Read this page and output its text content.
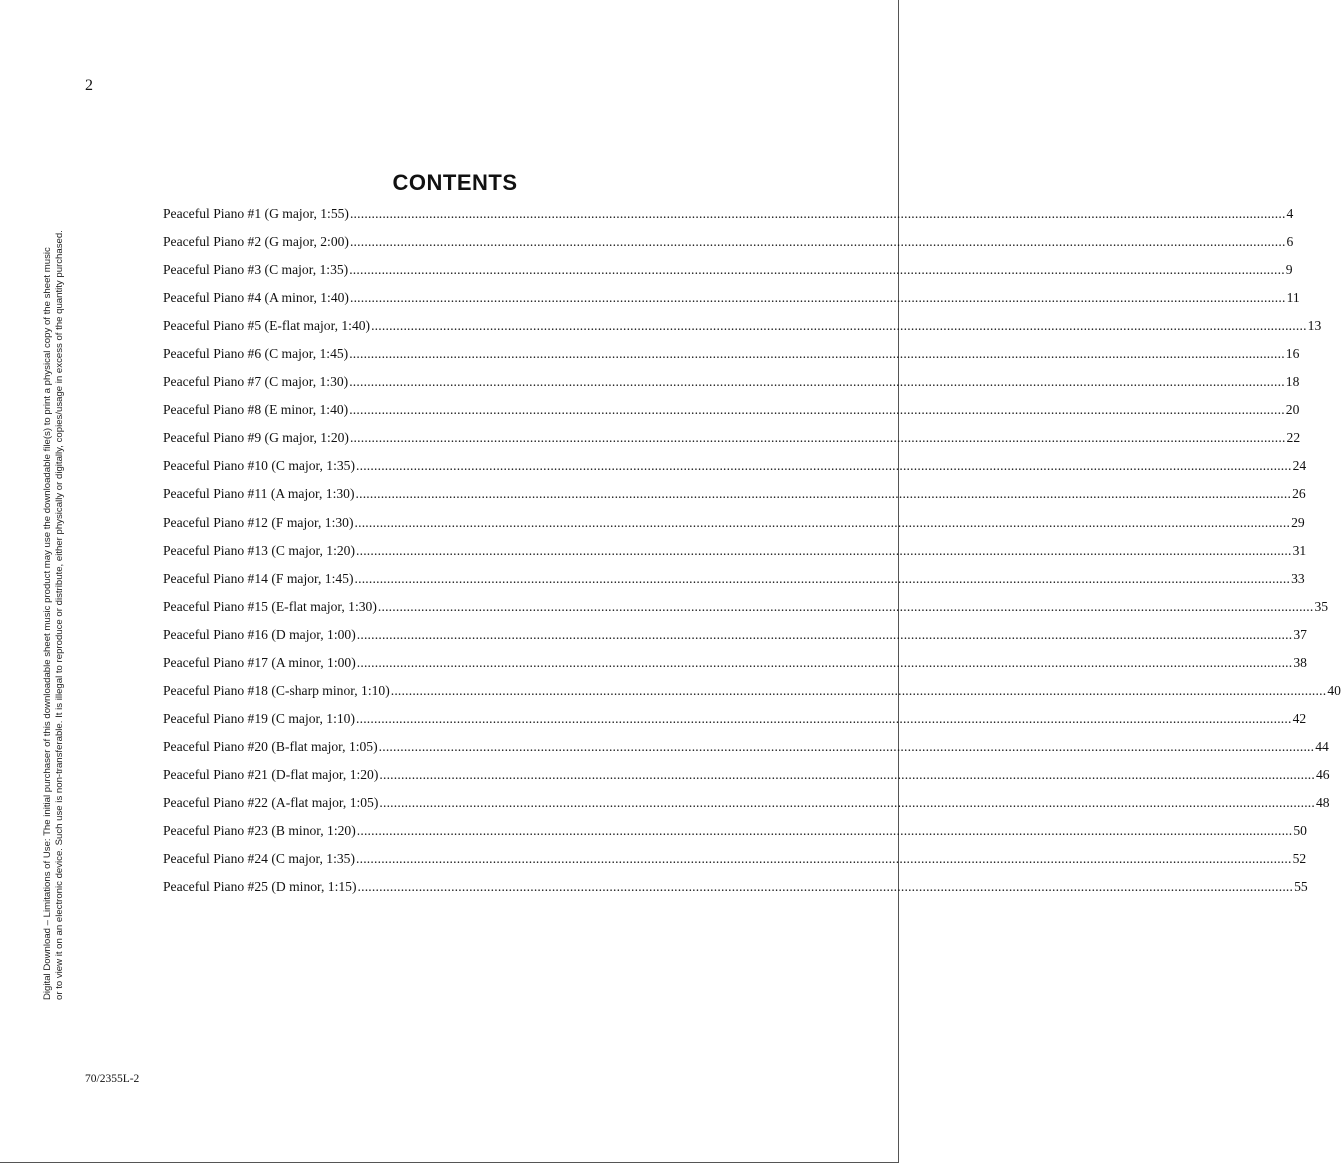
2
Digital Download – Limitations of Use: The initial purchaser of this downloadable sheet music product may use the downloadable file(s) to print a physical copy of the sheet music or to view it on an electronic device. Such use is non-transferable. It is illegal to reproduce or distribute, either physically or digitally, copies/usage in excess of the quantity purchased.
CONTENTS
Peaceful Piano #1 (G major, 1:55) .................................................................................................................................................................................................................................................................... 4
Peaceful Piano #2 (G major, 2:00) .................................................................................................................................................................................................................................................................... 6
Peaceful Piano #3 (C major, 1:35) .................................................................................................................................................................................................................................................................... 9
Peaceful Piano #4 (A minor, 1:40) .................................................................................................................................................................................................................................................................... 11
Peaceful Piano #5 (E-flat major, 1:40) .................................................................................................................................................................................................................................................................... 13
Peaceful Piano #6 (C major, 1:45) .................................................................................................................................................................................................................................................................... 16
Peaceful Piano #7 (C major, 1:30) .................................................................................................................................................................................................................................................................... 18
Peaceful Piano #8 (E minor, 1:40) .................................................................................................................................................................................................................................................................... 20
Peaceful Piano #9 (G major, 1:20) .................................................................................................................................................................................................................................................................... 22
Peaceful Piano #10 (C major, 1:35) .................................................................................................................................................................................................................................................................... 24
Peaceful Piano #11 (A major, 1:30) .................................................................................................................................................................................................................................................................... 26
Peaceful Piano #12 (F major, 1:30) .................................................................................................................................................................................................................................................................... 29
Peaceful Piano #13 (C major, 1:20) .................................................................................................................................................................................................................................................................... 31
Peaceful Piano #14 (F major, 1:45) .................................................................................................................................................................................................................................................................... 33
Peaceful Piano #15 (E-flat major, 1:30) .................................................................................................................................................................................................................................................................... 35
Peaceful Piano #16 (D major, 1:00) .................................................................................................................................................................................................................................................................... 37
Peaceful Piano #17 (A minor, 1:00) .................................................................................................................................................................................................................................................................... 38
Peaceful Piano #18 (C-sharp minor, 1:10) .................................................................................................................................................................................................................................................................... 40
Peaceful Piano #19 (C major, 1:10) .................................................................................................................................................................................................................................................................... 42
Peaceful Piano #20 (B-flat major, 1:05) .................................................................................................................................................................................................................................................................... 44
Peaceful Piano #21 (D-flat major, 1:20) .................................................................................................................................................................................................................................................................... 46
Peaceful Piano #22 (A-flat major, 1:05) .................................................................................................................................................................................................................................................................... 48
Peaceful Piano #23 (B minor, 1:20) .................................................................................................................................................................................................................................................................... 50
Peaceful Piano #24 (C major, 1:35) .................................................................................................................................................................................................................................................................... 52
Peaceful Piano #25 (D minor, 1:15) .................................................................................................................................................................................................................................................................... 55
70/2355L-2
